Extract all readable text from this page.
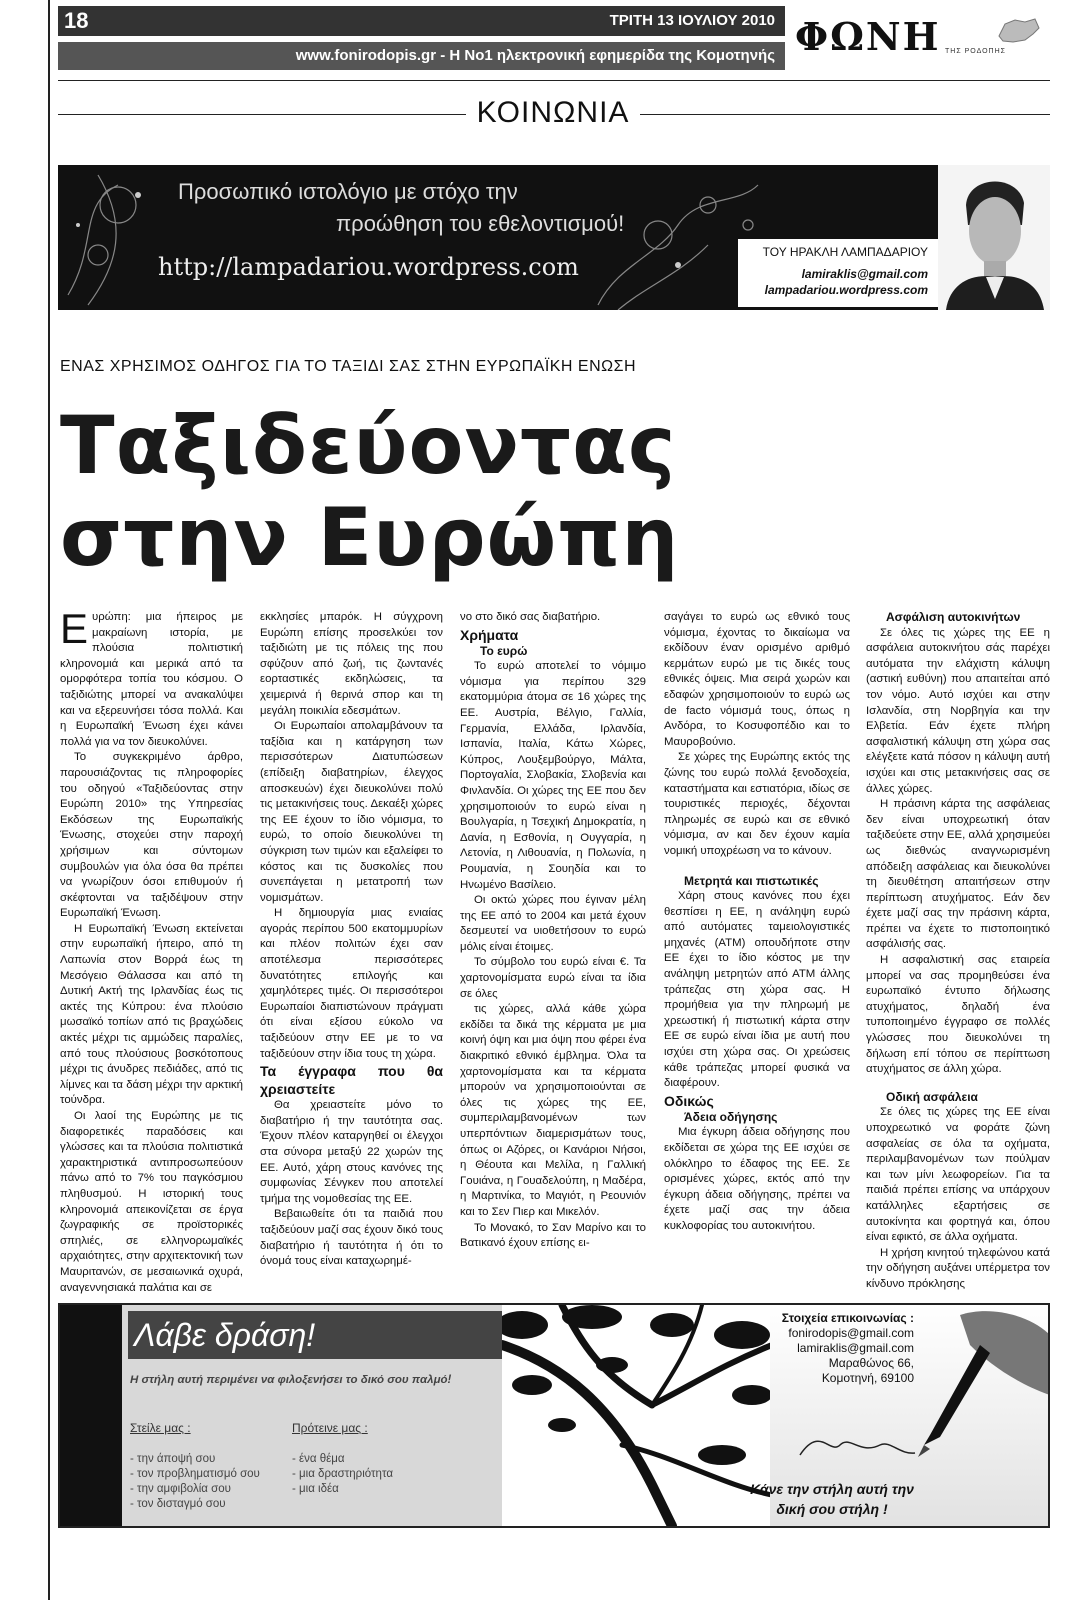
18	ΤΡΙΤΗ 13 ΙΟΥΛΙΟΥ 2010
www.fonirodopis.gr - Η Νο1 ηλεκτρονική εφημερίδα της Κομοτηνής ΦΩΝΗ ΤΗΣ ΡΟΔΟΠΗΣ
ΚΟΙΝΩΝΙΑ
Προσωπικό ιστολόγιο με στόχο την
προώθηση του εθελοντισμού!
http://lampadariou.wordpress.com
ΤΟΥ ΗΡΑΚΛΗ ΛΑΜΠΑΔΑΡΙΟΥ
lamiraklis@gmail.com
lampadariou.wordpress.com
ΕΝΑΣ ΧΡΗΣΙΜΟΣ ΟΔΗΓΟΣ ΓΙΑ ΤΟ ΤΑΞΙΔΙ ΣΑΣ ΣΤΗΝ ΕΥΡΩΠΑΪΚΗ ΕΝΩΣΗ
Ταξιδεύοντας στην Ευρώπη

Ευρώπη: μια ήπειρος με μακραίωνη ιστορία, με πλούσια πολιτιστική κληρονομιά και μερικά από τα ομορφότερα τοπία του κόσμου. Ο ταξιδιώτης μπορεί να ανακαλύψει και να εξερευνήσει τόσα πολλά. Και η Ευρωπαϊκή Ένωση έχει κάνει πολλά για να τον διευκολύνει.

Το συγκεκριμένο άρθρο, παρουσιάζοντας τις πληροφορίες του οδηγού «Ταξιδεύοντας στην Ευρώπη 2010» της Υπηρεσίας Εκδόσεων της Ευρωπαϊκής Ένωσης, στοχεύει στην παροχή χρήσιμων και σύντομων συμβουλών για όλα όσα θα πρέπει να γνωρίζουν όσοι επιθυμούν ή σκέφτονται να ταξιδέψουν στην Ευρωπαϊκή Ένωση.

Η Ευρωπαϊκή Ένωση εκτείνεται στην ευρωπαϊκή ήπειρο, από τη Λαπωνία στον Βορρά έως τη Μεσόγειο Θάλασσα και από τη Δυτική Ακτή της Ιρλανδίας έως τις ακτές της Κύπρου: ένα πλούσιο μωσαϊκό τοπίων από τις βραχώδεις ακτές μέχρι τις αμμώδεις παραλίες, από τους πλούσιους βοσκότοπους μέχρι τις άνυδρες πεδιάδες, από τις λίμνες και τα δάση μέχρι την αρκτική τούνδρα.

Οι λαοί της Ευρώπης με τις διαφορετικές παραδόσεις και γλώσσες και τα πλούσια πολιτιστικά χαρακτηριστικά αντιπροσωπεύουν πάνω από το 7% του παγκόσμιου πληθυσμού. Η ιστορική τους κληρονομιά απεικονίζεται σε έργα ζωγραφικής σε προϊστορικές σπηλιές, σε ελληνορωμαϊκές αρχαιότητες, στην αρχιτεκτονική των Μαυριτανών, σε μεσαιωνικά οχυρά, αναγεννησιακά παλάτια και σε

εκκλησίες μπαρόκ. Η σύγχρονη Ευρώπη επίσης προσελκύει τον ταξιδιώτη με τις πόλεις της που σφύζουν από ζωή, τις ζωντανές εορταστικές εκδηλώσεις, τα χειμερινά ή θερινά σπορ και τη μεγάλη ποικιλία εδεσμάτων.

Οι Ευρωπαίοι απολαμβάνουν τα ταξίδια και η κατάργηση των περισσότερων Διατυπώσεων (επίδειξη διαβατηρίων, έλεγχος αποσκευών) έχει διευκολύνει πολύ τις μετακινήσεις τους. Δεκαέξι χώρες της ΕΕ έχουν το ίδιο νόμισμα, το ευρώ, το οποίο διευκολύνει τη σύγκριση των τιμών και εξαλείφει το κόστος και τις δυσκολίες που συνεπάγεται η μετατροπή των νομισμάτων.

Η δημιουργία μιας ενιαίας αγοράς περίπου 500 εκατομμυρίων και πλέον πολιτών έχει σαν αποτέλεσμα περισσότερες δυνατότητες επιλογής και χαμηλότερες τιμές. Οι περισσότεροι Ευρωπαίοι διαπιστώνουν πράγματι ότι είναι εξίσου εύκολο να ταξιδεύουν στην ΕΕ με το να ταξιδεύουν στην ίδια τους τη χώρα.

Τα έγγραφα που θα χρειαστείτε

Θα χρειαστείτε μόνο το διαβατήριο ή την ταυτότητα σας. Έχουν πλέον καταργηθεί οι έλεγχοι στα σύνορα μεταξύ 22 χωρών της ΕΕ. Αυτό, χάρη στους κανόνες της συμφωνίας Σένγκεν που αποτελεί τμήμα της νομοθεσίας της ΕΕ.

Βεβαιωθείτε ότι τα παιδιά που ταξιδεύουν μαζί σας έχουν δικό τους διαβατήριο ή ταυτότητα ή ότι το όνομά τους είναι καταχωρημέ-

νο στο δικό σας διαβατήριο.

Χρήματα

Το ευρώ

Το ευρώ αποτελεί το νόμιμο νόμισμα για περίπου 329 εκατομμύρια άτομα σε 16 χώρες της ΕΕ. Αυστρία, Βέλγιο, Γαλλία, Γερμανία, Ελλάδα, Ιρλανδία, Ισπανία, Ιταλία, Κάτω Χώρες, Κύπρος, Λουξεμβούργο, Μάλτα, Πορτογαλία, Σλοβακία, Σλοβενία και Φινλανδία. Οι χώρες της ΕΕ που δεν χρησιμοποιούν το ευρώ είναι η Βουλγαρία, η Τσεχική Δημοκρατία, η Δανία, η Εσθονία, η Ουγγαρία, η Λετονία, η Λιθουανία, η Πολωνία, η Ρουμανία, η Σουηδία και το Ηνωμένο Βασίλειο.

Οι οκτώ χώρες που έγιναν μέλη της ΕΕ από το 2004 και μετά έχουν δεσμευτεί να υιοθετήσουν το ευρώ μόλις είναι έτοιμες.

Το σύμβολο του ευρώ είναι €. Τα χαρτονομίσματα ευρώ είναι τα ίδια σε όλες

τις χώρες, αλλά κάθε χώρα εκδίδει τα δικά της κέρματα με μια κοινή όψη και μια όψη που φέρει ένα διακριτικό εθνικό έμβλημα. Όλα τα χαρτονομίσματα και τα κέρματα μπορούν να χρησιμοποιούνται σε όλες τις χώρες της ΕΕ, συμπεριλαμβανομένων των υπερπόντιων διαμερισμάτων τους, όπως οι Αζόρες, οι Κανάριοι Νήσοι, η Θέουτα και Μελίλα, η Γαλλική Γουιάνα, η Γουαδελούπη, η Μαδέρα, η Μαρτινίκα, το Μαγιότ, η Ρεουνιόν και το Σεν Πιερ και Μικελόν.

Το Μονακό, το Σαν Μαρίνο και το Βατικανό έχουν επίσης ει-

σαγάγει το ευρώ ως εθνικό τους νόμισμα, έχοντας το δικαίωμα να εκδίδουν έναν ορισμένο αριθμό κερμάτων ευρώ με τις δικές τους εθνικές όψεις. Μια σειρά χωρών και εδαφών χρησιμοποιούν το ευρώ ως de facto νόμισμά τους, όπως η Ανδόρα, το Κοσυφοπέδιο και το Μαυροβούνιο.

Σε χώρες της Ευρώπης εκτός της ζώνης του ευρώ πολλά ξενοδοχεία, καταστήματα και εστιατόρια, ιδίως σε τουριστικές περιοχές, δέχονται πληρωμές σε ευρώ και σε εθνικό νόμισμα, αν και δεν έχουν καμία νομική υποχρέωση να το κάνουν.

Μετρητά και πιστωτικές

Χάρη στους κανόνες που έχει θεσπίσει η ΕΕ, η ανάληψη ευρώ από αυτόματες ταμειολογιστικές μηχανές (ΑΤΜ) οπουδήποτε στην ΕΕ έχει το ίδιο κόστος με την ανάληψη μετρητών από ΑΤΜ άλλης τράπεζας στη χώρα σας. Η προμήθεια για την πληρωμή με χρεωστική ή πιστωτική κάρτα στην ΕΕ σε ευρώ είναι ίδια με αυτή που ισχύει στη χώρα σας. Οι χρεώσεις κάθε τράπεζας μπορεί φυσικά να διαφέρουν.

Οδικώς

Άδεια οδήγησης

Μια έγκυρη άδεια οδήγησης που εκδίδεται σε χώρα της ΕΕ ισχύει σε ολόκληρο το έδαφος της ΕΕ. Σε ορισμένες χώρες, εκτός από την έγκυρη άδεια οδήγησης, πρέπει να έχετε μαζί σας την άδεια κυκλοφορίας του αυτοκινήτου.

Ασφάλιση αυτοκινήτων

Σε όλες τις χώρες της ΕΕ η ασφάλεια αυτοκινήτου σάς παρέχει αυτόματα την ελάχιστη κάλυψη (αστική ευθύνη) που απαιτείται από τον νόμο. Αυτό ισχύει και στην Ισλανδία, στη Νορβηγία και την Ελβετία. Εάν έχετε πλήρη ασφαλιστική κάλυψη στη χώρα σας ελέγξετε κατά πόσον η κάλυψη αυτή ισχύει και στις μετακινήσεις σας σε άλλες χώρες.

Η πράσινη κάρτα της ασφάλειας δεν είναι υποχρεωτική όταν ταξιδεύετε στην ΕΕ, αλλά χρησιμεύει ως διεθνώς αναγνωρισμένη απόδειξη ασφάλειας και διευκολύνει τη διευθέτηση απαιτήσεων στην περίπτωση ατυχήματος. Εάν δεν έχετε μαζί σας την πράσινη κάρτα, πρέπει να έχετε το πιστοποιητικό ασφάλισής σας.

Η ασφαλιστική σας εταιρεία μπορεί να σας προμηθεύσει ένα ευρωπαϊκό έντυπο δήλωσης ατυχήματος, δηλαδή ένα τυποποιημένο έγγραφο σε πολλές γλώσσες που διευκολύνει τη δήλωση επί τόπου σε περίπτωση ατυχήματος σε άλλη χώρα.

Οδική ασφάλεια

Σε όλες τις χώρες της ΕΕ είναι υποχρεωτικό να φοράτε ζώνη ασφαλείας σε όλα τα οχήματα, περιλαμβανομένων των πούλμαν και των μίνι λεωφορείων. Για τα παιδιά πρέπει επίσης να υπάρχουν κατάλληλες εξαρτήσεις σε αυτοκίνητα και φορτηγά και, όπου είναι εφικτό, σε άλλα οχήματα.

Η χρήση κινητού τηλεφώνου κατά την οδήγηση αυξάνει υπέρμετρα τον κίνδυνο πρόκλησης

Λάβε δράση!
Η στήλη αυτή περιμένει να φιλοξενήσει το δικό σου παλμό!
Στείλε μας :	Πρότεινε μας :
- την άποψή σου
- τον προβληματισμό σου
- την αμφιβολία σου
- τον δισταγμό σου
- ένα θέμα
- μια δραστηριότητα
- μια ιδέα
Στοιχεία επικοινωνίας :
fonirodopis@gmail.com
lamiraklis@gmail.com
Μαραθώνος 66, Κομοτηνή, 69100
Κάνε την στήλη αυτή την
δική σου στήλη !
